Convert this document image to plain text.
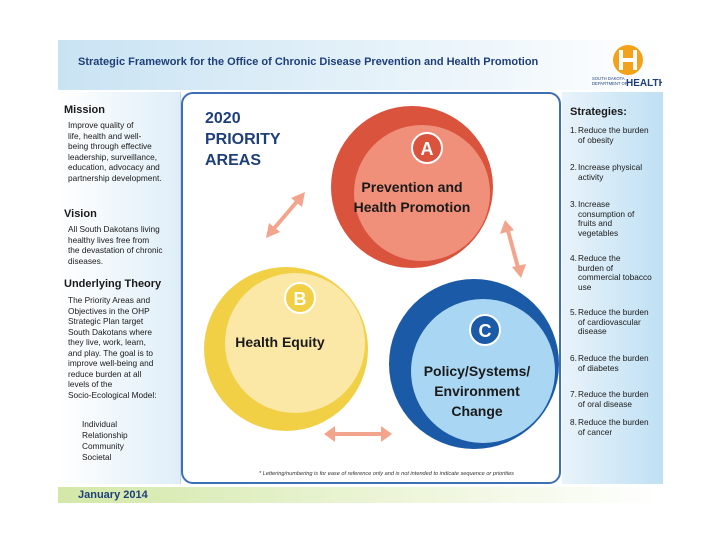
Strategic Framework for the Office of Chronic Disease Prevention and Health Promotion
SOUTH DAKOTA
DEPARTMENT OF
HEALTH
Mission
Improve quality of
life, health and well-
being through effective
leadership, surveillance,
education, advocacy and
partnership development.
Vision
All South Dakotans living
healthy lives free from
the devastation of chronic
diseases.
Underlying Theory
The Priority Areas and
Objectives in the OHP
Strategic Plan target
South Dakotans where
they live, work, learn,
and play. The goal is to
improve well-being and
reduce burden at all
levels of the
Socio-Ecological Model:
Individual
Relationship
Community
Societal
2020
PRIORITY
AREAS
A
Prevention and
Health Promotion
B
Health Equity
C
Policy/Systems/
Environment
Change
* Lettering/numbering is for ease of reference only and is not intended to indicate sequence or priorities
Strategies:
1. Reduce the burden
of obesity
2. Increase physical
activity
3. Increase
consumption of
fruits and
vegetables
4. Reduce the
burden of
commercial tobacco
use
5. Reduce the burden
of cardiovascular
disease
6. Reduce the burden
of diabetes
7. Reduce the burden
of oral disease
8. Reduce the burden
of cancer
January 2014
